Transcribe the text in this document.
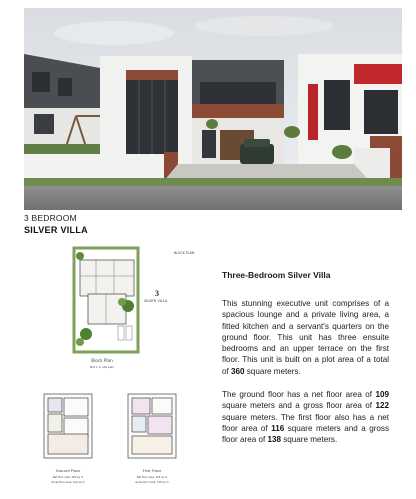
3 BEDROOM
SILVER VILLA
BLOCK PLAN
3
SILVER VILLA
Block Plan
Plot 1 in site plan
Ground Floor
Net floor area: 109 sq m
Gross floor area: 122 sq m
First Floor
Net floor area: 116 sq m
Gross floor area: 138 sq m
Three-Bedroom Silver Villa

This stunning executive unit comprises of a spacious lounge and a private living area, a fitted kitchen and a servant's quarters on the ground floor. This unit has three ensuite bedrooms and an upper terrace on the first floor. This unit is built on a plot area of a total of 360 square meters.

The ground floor has a net floor area of 109 square meters and a gross floor area of 122 square meters. The first floor also has a net floor area of 116 square meters and a gross floor area of 138 square meters.
